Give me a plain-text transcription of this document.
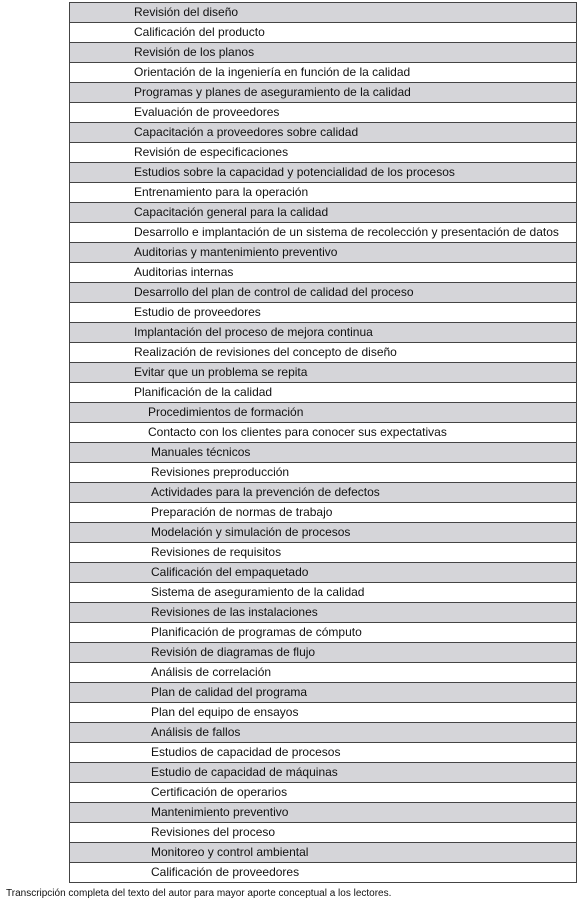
Revisión del diseño
Calificación del producto
Revisión de los planos
Orientación de la ingeniería en función de la calidad
Programas y planes de aseguramiento de la calidad
Evaluación de proveedores
Capacitación a proveedores sobre calidad
Revisión de especificaciones
Estudios sobre la capacidad y potencialidad de los procesos
Entrenamiento para la operación
Capacitación general para la calidad
Desarrollo e implantación de un sistema de recolección y presentación de datos
Auditorias y mantenimiento preventivo
Auditorias internas
Desarrollo del plan de control de calidad del proceso
Estudio de proveedores
Implantación del proceso de mejora continua
Realización de revisiones del concepto de diseño
Evitar que un problema se repita
Planificación de la calidad
Procedimientos de formación
Contacto con los clientes para conocer sus expectativas
Manuales técnicos
Revisiones preproducción
Actividades para la prevención de defectos
Preparación de normas de trabajo
Modelación y simulación de procesos
Revisiones de requisitos
Calificación del empaquetado
Sistema de aseguramiento de la calidad
Revisiones de las instalaciones
Planificación de programas de cómputo
Revisión de diagramas de flujo
Análisis de correlación
Plan de calidad del programa
Plan del equipo de ensayos
Análisis de fallos
Estudios de capacidad de procesos
Estudio de capacidad de máquinas
Certificación de operarios
Mantenimiento preventivo
Revisiones del proceso
Monitoreo y control ambiental
Calificación de proveedores
Transcripción completa del texto del autor para mayor aporte conceptual a los lectores.
